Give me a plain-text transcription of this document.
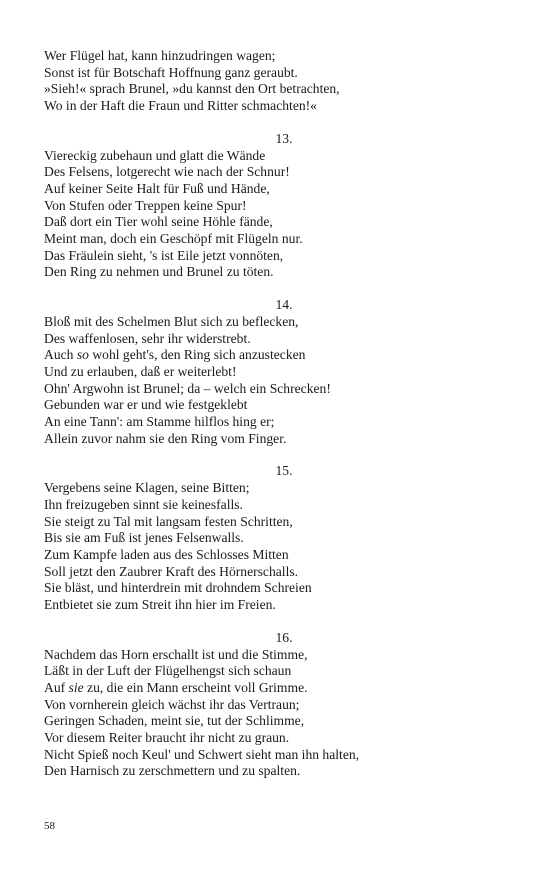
Wer Flügel hat, kann hinzudringen wagen;
Sonst ist für Botschaft Hoffnung ganz geraubt.
»Sieh!« sprach Brunel, »du kannst den Ort betrachten,
Wo in der Haft die Fraun und Ritter schmachten!«
13.
Viereckig zubehaun und glatt die Wände
Des Felsens, lotgerecht wie nach der Schnur!
Auf keiner Seite Halt für Fuß und Hände,
Von Stufen oder Treppen keine Spur!
Daß dort ein Tier wohl seine Höhle fände,
Meint man, doch ein Geschöpf mit Flügeln nur.
Das Fräulein sieht, 's ist Eile jetzt vonnöten,
Den Ring zu nehmen und Brunel zu töten.
14.
Bloß mit des Schelmen Blut sich zu beflecken,
Des waffenlosen, sehr ihr widerstrebt.
Auch so wohl geht's, den Ring sich anzustecken
Und zu erlauben, daß er weiterlebt!
Ohn' Argwohn ist Brunel; da – welch ein Schrecken!
Gebunden war er und wie festgeklebt
An eine Tann': am Stamme hilflos hing er;
Allein zuvor nahm sie den Ring vom Finger.
15.
Vergebens seine Klagen, seine Bitten;
Ihn freizugeben sinnt sie keinesfalls.
Sie steigt zu Tal mit langsam festen Schritten,
Bis sie am Fuß ist jenes Felsenwalls.
Zum Kampfe laden aus des Schlosses Mitten
Soll jetzt den Zaubrer Kraft des Hörnerschalls.
Sie bläst, und hinterdrein mit drohndem Schreien
Entbietet sie zum Streit ihn hier im Freien.
16.
Nachdem das Horn erschallt ist und die Stimme,
Läßt in der Luft der Flügelhengst sich schaun
Auf sie zu, die ein Mann erscheint voll Grimme.
Von vornherein gleich wächst ihr das Vertraun;
Geringen Schaden, meint sie, tut der Schlimme,
Vor diesem Reiter braucht ihr nicht zu graun.
Nicht Spieß noch Keul' und Schwert sieht man ihn halten,
Den Harnisch zu zerschmettern und zu spalten.
58
